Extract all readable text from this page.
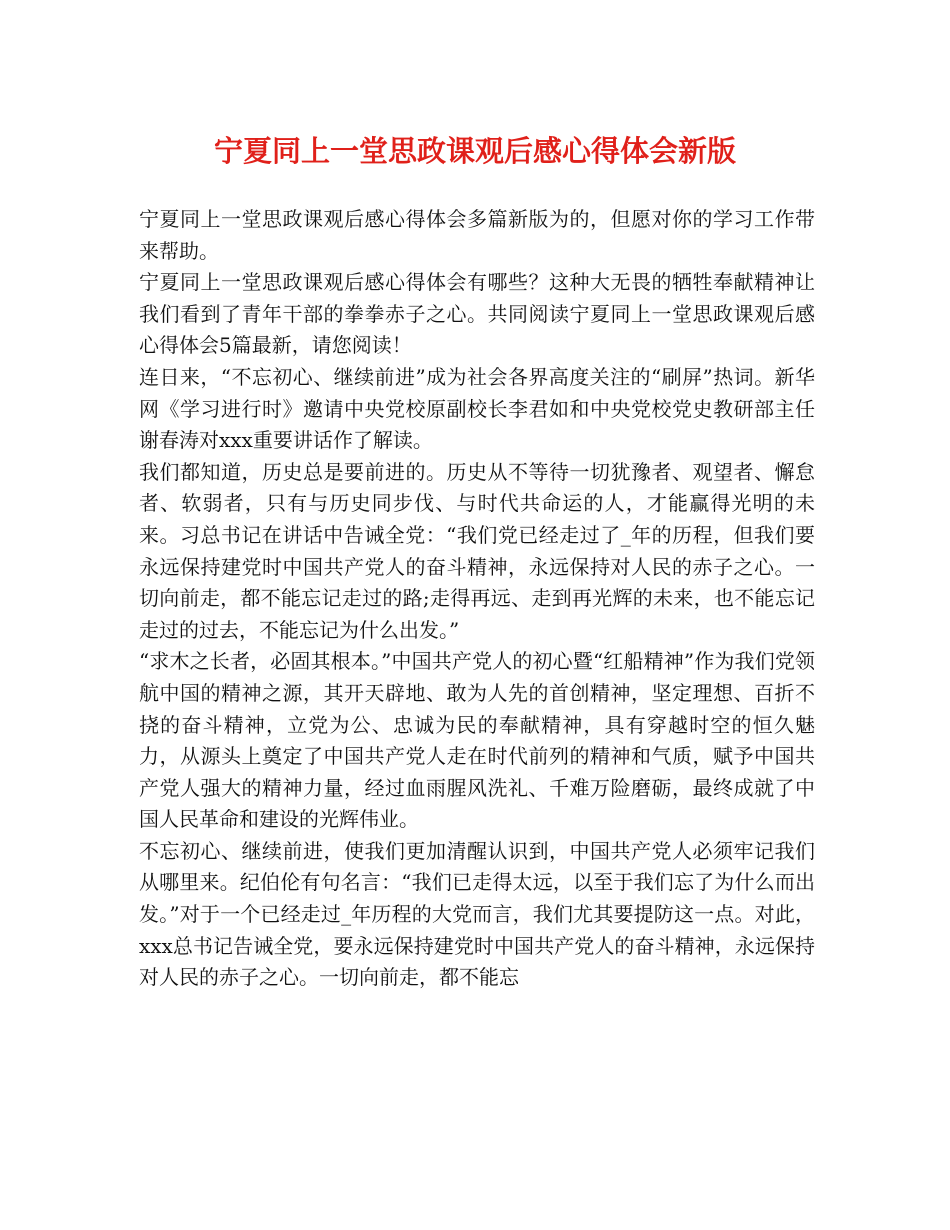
宁夏同上一堂思政课观后感心得体会新版

宁夏同上一堂思政课观后感心得体会多篇新版为的，但愿对你的学习工作带来帮助。

宁夏同上一堂思政课观后感心得体会有哪些？这种大无畏的牺牲奉献精神让我们看到了青年干部的拳拳赤子之心。共同阅读宁夏同上一堂思政课观后感心得体会5篇最新，请您阅读！

连日来，“不忘初心、继续前进”成为社会各界高度关注的“刷屏”热词。新华网《学习进行时》邀请中央党校原副校长李君如和中央党校党史教研部主任谢春涛对xxx重要讲话作了解读。

我们都知道，历史总是要前进的。历史从不等待一切犹豫者、观望者、懈怠者、软弱者，只有与历史同步伐、与时代共命运的人，才能赢得光明的未来。习总书记在讲话中告诫全党：“我们党已经走过了_年的历程，但我们要永远保持建党时中国共产党人的奋斗精神，永远保持对人民的赤子之心。一切向前走，都不能忘记走过的路;走得再远、走到再光辉的未来，也不能忘记走过的过去，不能忘记为什么出发。”

“求木之长者，必固其根本。”中国共产党人的初心暨“红船精神”作为我们党领航中国的精神之源，其开天辟地、敢为人先的首创精神，坚定理想、百折不挠的奋斗精神，立党为公、忠诚为民的奉献精神，具有穿越时空的恒久魅力，从源头上奠定了中国共产党人走在时代前列的精神和气质，赋予中国共产党人强大的精神力量，经过血雨腥风洗礼、千难万险磨砺，最终成就了中国人民革命和建设的光辉伟业。

不忘初心、继续前进，使我们更加清醒认识到，中国共产党人必须牢记我们从哪里来。纪伯伦有句名言：“我们已走得太远，以至于我们忘了为什么而出发。”对于一个已经走过_年历程的大党而言，我们尤其要提防这一点。对此，xxx总书记告诫全党，要永远保持建党时中国共产党人的奋斗精神，永远保持对人民的赤子之心。一切向前走，都不能忘
